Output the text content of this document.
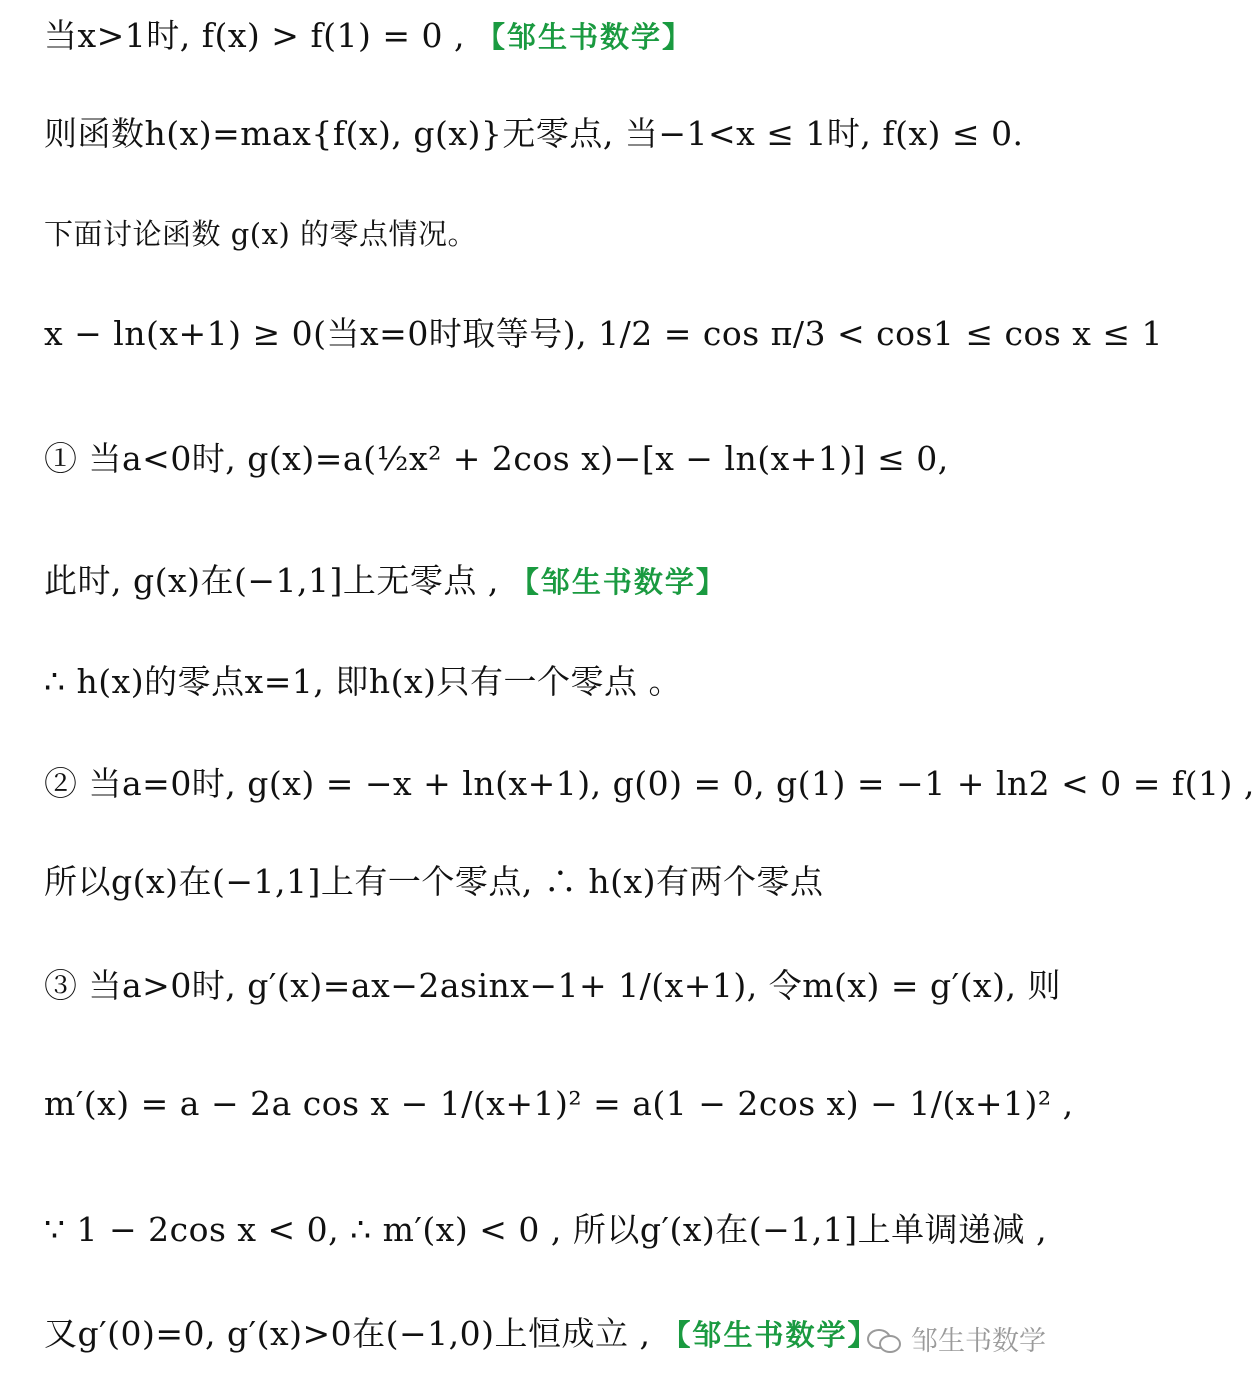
当x>1时, f(x) > f(1) = 0 , 【邹生书数学】
则函数h(x)=max{f(x), g(x)}无零点, 当−1<x ≤ 1时, f(x) ≤ 0.
下面讨论函数 g(x) 的零点情况。
x − ln(x+1) ≥ 0(当x=0时取等号), 1/2 = cos π/3 < cos1 ≤ cos x ≤ 1
① 当a<0时, g(x)=a(½x² + 2cos x)−[x − ln(x+1)] ≤ 0,
此时, g(x)在(−1,1]上无零点 , 【邹生书数学】
∴ h(x)的零点x=1, 即h(x)只有一个零点 。
② 当a=0时, g(x) = −x + ln(x+1), g(0) = 0, g(1) = −1 + ln2 < 0 = f(1) ,
所以g(x)在(−1,1]上有一个零点, ∴ h(x)有两个零点
③ 当a>0时, g′(x)=ax−2asinx−1+ 1/(x+1), 令m(x) = g′(x), 则
m′(x) = a − 2a cos x − 1/(x+1)² = a(1 − 2cos x) − 1/(x+1)² ,
∵ 1 − 2cos x < 0, ∴ m′(x) < 0 , 所以g′(x)在(−1,1]上单调递减 ,
又g′(0)=0, g′(x)>0在(−1,0)上恒成立 , 【邹生书数学】	邹生书数学
